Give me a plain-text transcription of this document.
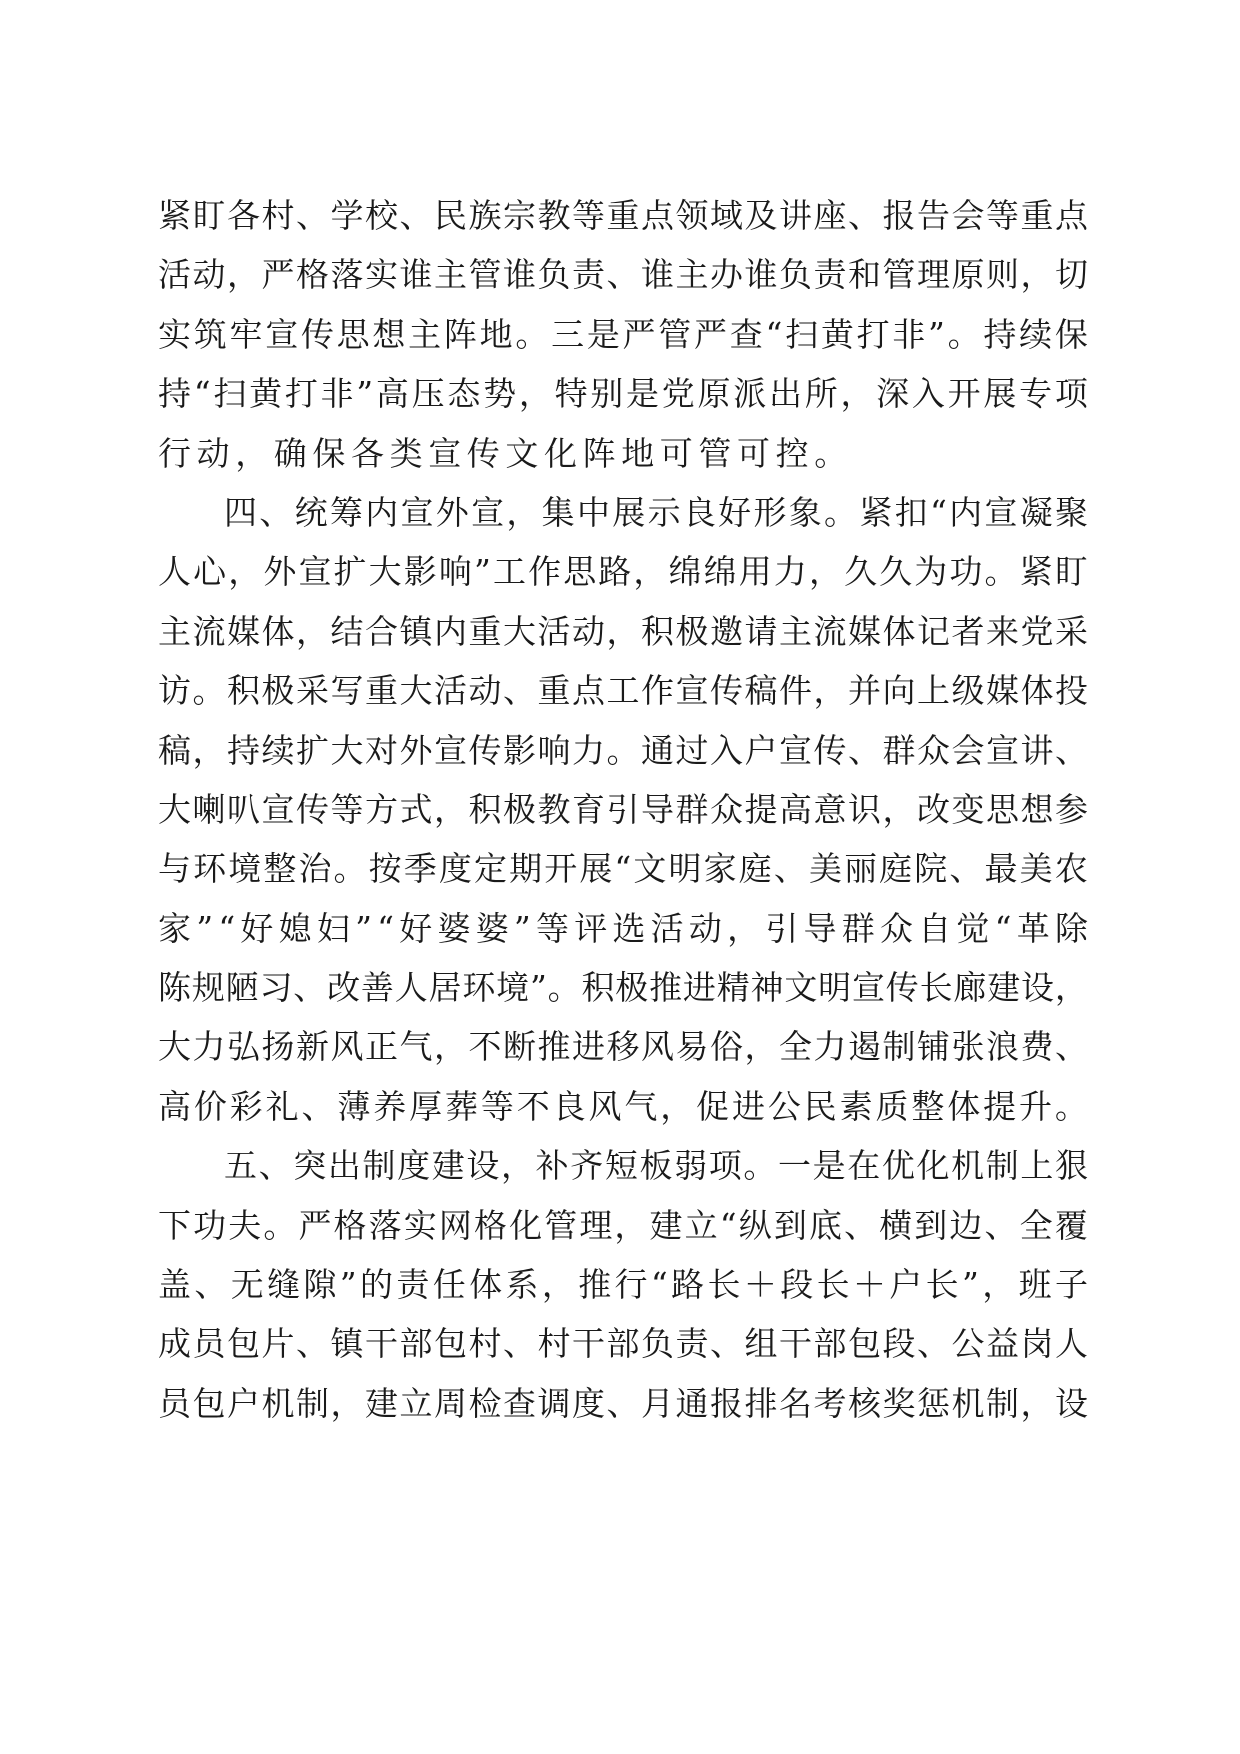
紧 盯 各 村 、 学 校 、 民 族 宗 教 等 重 点 领 域 及 讲 座 、 报 告 会 等 重 点
活 动 ， 严 格 落 实 谁 主 管 谁 负 责 、 谁 主 办 谁 负 责 和 管 理 原 则 ， 切
实 筑 牢 宣 传 思 想 主 阵 地 。 三 是 严 管 严 查 “ 扫 黄 打 非 ” 。 持 续 保
持 “ 扫 黄 打 非 ” 高 压 态 势 ， 特 别 是 党 原 派 出 所 ， 深 入 开 展 专 项
行动，确保各类宣传文化阵地可管可控。
四 、 统 筹 内 宣 外 宣 ， 集 中 展 示 良 好 形 象 。 紧 扣 “ 内 宣 凝 聚
人 心 ， 外 宣 扩 大 影 响 ” 工 作 思 路 ， 绵 绵 用 力 ， 久 久 为 功 。 紧 盯
主 流 媒 体 ， 结 合 镇 内 重 大 活 动 ， 积 极 邀 请 主 流 媒 体 记 者 来 党 采
访 。 积 极 采 写 重 大 活 动 、 重 点 工 作 宣 传 稿 件 ， 并 向 上 级 媒 体 投
稿 ， 持 续 扩 大 对 外 宣 传 影 响 力 。 通 过 入 户 宣 传 、 群 众 会 宣 讲 、
大 喇 叭 宣 传 等 方 式 ， 积 极 教 育 引 导 群 众 提 高 意 识 ， 改 变 思 想 参
与 环 境 整 治 。 按 季 度 定 期 开 展 “ 文 明 家 庭 、 美 丽 庭 院 、 最 美 农
家 ” “ 好 媳 妇 ” “ 好 婆 婆 ” 等 评 选 活 动 ， 引 导 群 众 自 觉 “ 革 除
陈 规 陋 习 、 改 善 人 居 环 境 ” 。 积 极 推 进 精 神 文 明 宣 传 长 廊 建 设 ，
大 力 弘 扬 新 风 正 气 ， 不 断 推 进 移 风 易 俗 ， 全 力 遏 制 铺 张 浪 费 、
高 价 彩 礼 、 薄 养 厚 葬 等 不 良 风 气 ， 促 进 公 民 素 质 整 体 提 升 。
五 、 突 出 制 度 建 设 ， 补 齐 短 板 弱 项 。 一 是 在 优 化 机 制 上 狠
下 功 夫 。 严 格 落 实 网 格 化 管 理 ， 建 立 “ 纵 到 底 、 横 到 边 、 全 覆
盖 、 无 缝 隙 ” 的 责 任 体 系 ， 推 行 “ 路 长 ＋ 段 长 ＋ 户 长 ” ， 班 子
成 员 包 片 、 镇 干 部 包 村 、 村 干 部 负 责 、 组 干 部 包 段 、 公 益 岗 人
员 包 户 机 制 ， 建 立 周 检 查 调 度 、 月 通 报 排 名 考 核 奖 惩 机 制 ， 设
